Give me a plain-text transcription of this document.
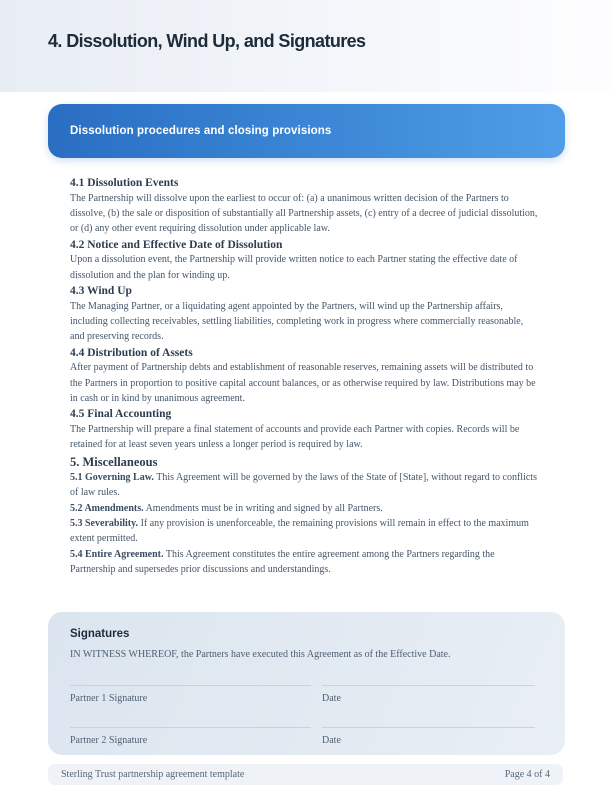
4. Dissolution, Wind Up, and Signatures
Dissolution procedures and closing provisions
4.1 Dissolution Events

The Partnership will dissolve upon the earliest to occur of: (a) a unanimous written decision of the Partners to dissolve, (b) the sale or disposition of substantially all Partnership assets, (c) entry of a decree of judicial dissolution, or (d) any other event requiring dissolution under applicable law.

4.2 Notice and Effective Date of Dissolution

Upon a dissolution event, the Partnership will provide written notice to each Partner stating the effective date of dissolution and the plan for winding up.

4.3 Wind Up

The Managing Partner, or a liquidating agent appointed by the Partners, will wind up the Partnership affairs, including collecting receivables, settling liabilities, completing work in progress where commercially reasonable, and preserving records.

4.4 Distribution of Assets

After payment of Partnership debts and establishment of reasonable reserves, remaining assets will be distributed to the Partners in proportion to positive capital account balances, or as otherwise required by law. Distributions may be in cash or in kind by unanimous agreement.

4.5 Final Accounting

The Partnership will prepare a final statement of accounts and provide each Partner with copies. Records will be retained for at least seven years unless a longer period is required by law.

5. Miscellaneous

5.1 Governing Law. This Agreement will be governed by the laws of the State of [State], without regard to conflicts of law rules.

5.2 Amendments. Amendments must be in writing and signed by all Partners.

5.3 Severability. If any provision is unenforceable, the remaining provisions will remain in effect to the maximum extent permitted.

5.4 Entire Agreement. This Agreement constitutes the entire agreement among the Partners regarding the Partnership and supersedes prior discussions and understandings.

Signatures

IN WITNESS WHEREOF, the Partners have executed this Agreement as of the Effective Date.

Partner 1 Signature	Date
Partner 2 Signature	Date
Sterling Trust partnership agreement template	Page 4 of 4
